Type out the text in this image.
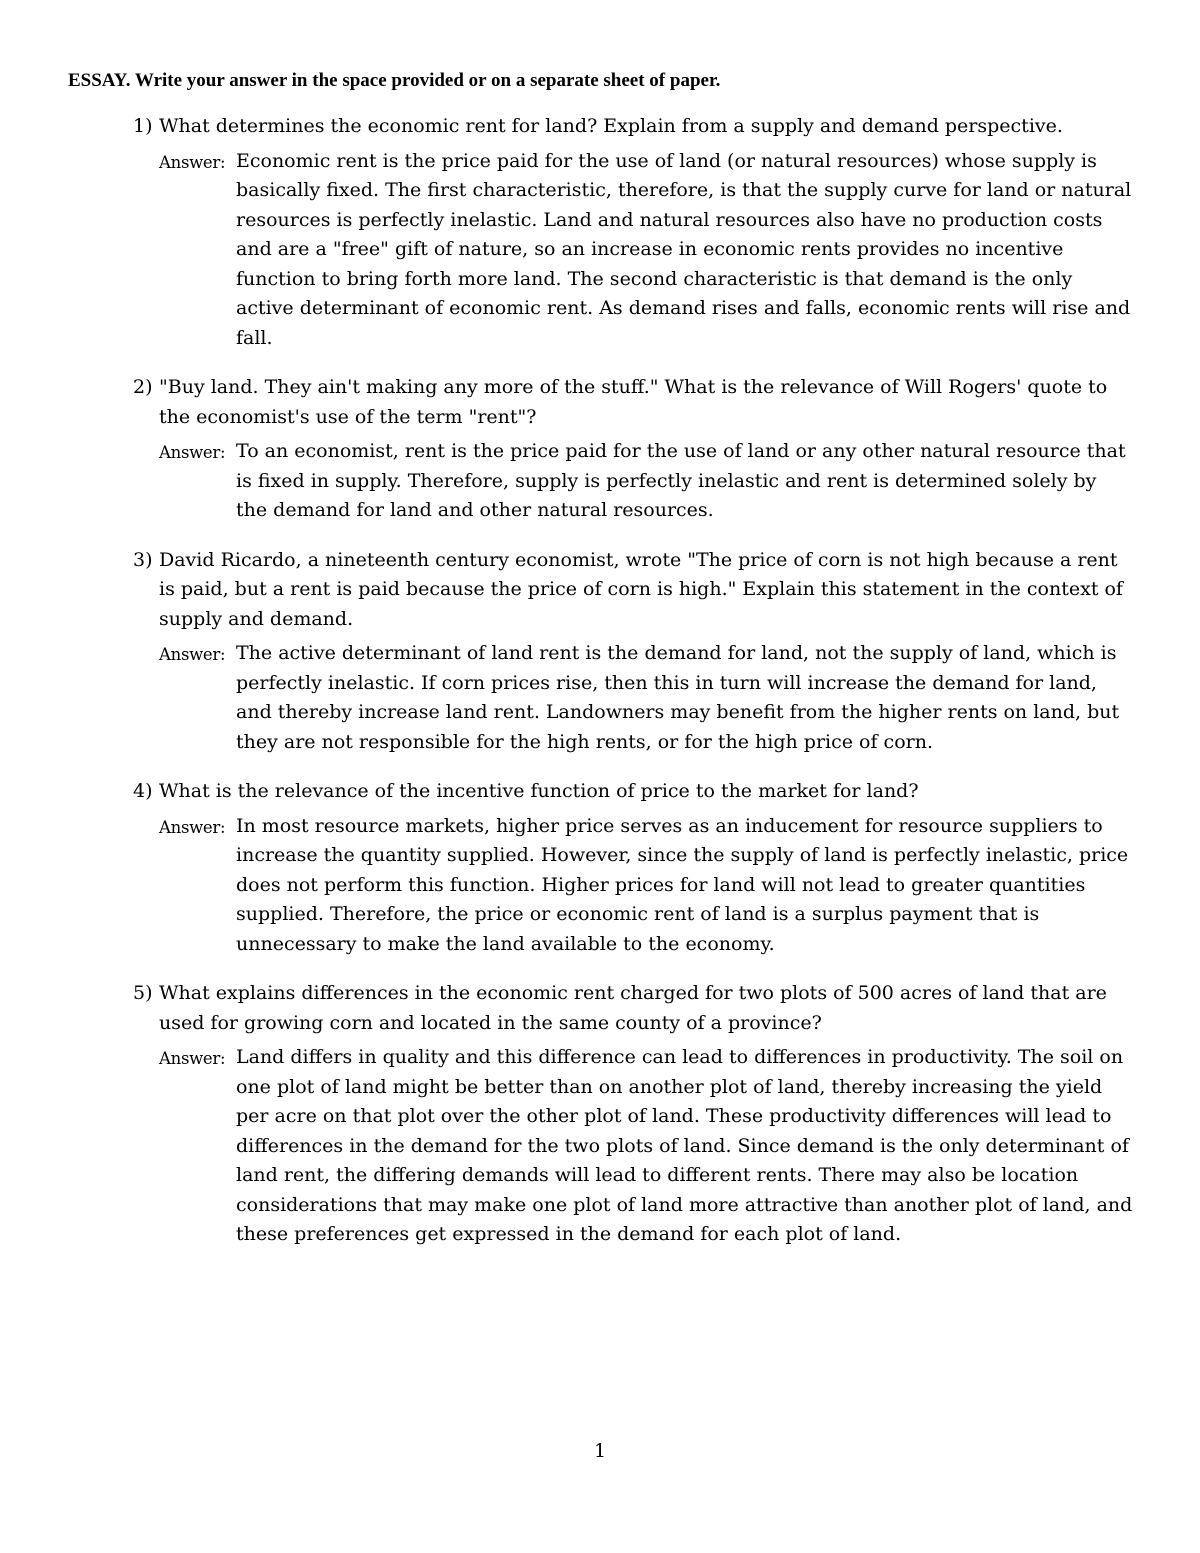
ESSAY. Write your answer in the space provided or on a separate sheet of paper.
1) What determines the economic rent for land? Explain from a supply and demand perspective.
Answer: Economic rent is the price paid for the use of land (or natural resources) whose supply is basically fixed. The first characteristic, therefore, is that the supply curve for land or natural resources is perfectly inelastic. Land and natural resources also have no production costs and are a "free" gift of nature, so an increase in economic rents provides no incentive function to bring forth more land. The second characteristic is that demand is the only active determinant of economic rent. As demand rises and falls, economic rents will rise and fall.
2) "Buy land. They ain't making any more of the stuff." What is the relevance of Will Rogers' quote to the economist's use of the term "rent"?
Answer: To an economist, rent is the price paid for the use of land or any other natural resource that is fixed in supply. Therefore, supply is perfectly inelastic and rent is determined solely by the demand for land and other natural resources.
3) David Ricardo, a nineteenth century economist, wrote "The price of corn is not high because a rent is paid, but a rent is paid because the price of corn is high." Explain this statement in the context of supply and demand.
Answer: The active determinant of land rent is the demand for land, not the supply of land, which is perfectly inelastic. If corn prices rise, then this in turn will increase the demand for land, and thereby increase land rent. Landowners may benefit from the higher rents on land, but they are not responsible for the high rents, or for the high price of corn.
4) What is the relevance of the incentive function of price to the market for land?
Answer: In most resource markets, higher price serves as an inducement for resource suppliers to increase the quantity supplied. However, since the supply of land is perfectly inelastic, price does not perform this function. Higher prices for land will not lead to greater quantities supplied. Therefore, the price or economic rent of land is a surplus payment that is unnecessary to make the land available to the economy.
5) What explains differences in the economic rent charged for two plots of 500 acres of land that are used for growing corn and located in the same county of a province?
Answer: Land differs in quality and this difference can lead to differences in productivity. The soil on one plot of land might be better than on another plot of land, thereby increasing the yield per acre on that plot over the other plot of land. These productivity differences will lead to differences in the demand for the two plots of land. Since demand is the only determinant of land rent, the differing demands will lead to different rents. There may also be location considerations that may make one plot of land more attractive than another plot of land, and these preferences get expressed in the demand for each plot of land.
1
